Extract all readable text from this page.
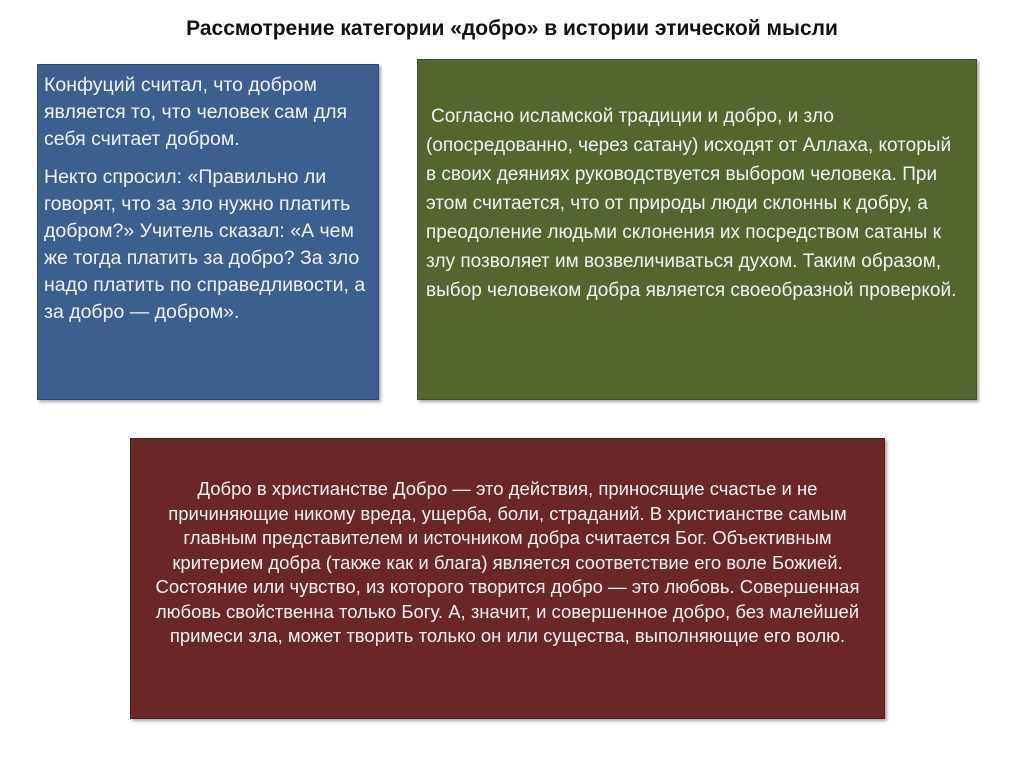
Рассмотрение категории «добро» в истории этической мысли

Конфуций считал, что добром является то, что человек сам для себя считает добром.

Некто спросил: «Правильно ли говорят, что за зло нужно платить добром?» Учитель сказал: «А чем же тогда платить за добро? За зло надо платить по справедливости, а за добро — добром».

Согласно исламской традиции и добро, и зло (опосредованно, через сатану) исходят от Аллаха, который в своих деяниях руководствуется выбором человека. При этом считается, что от природы люди склонны к добру, а преодоление людьми склонения их посредством сатаны к злу позволяет им возвеличиваться духом. Таким образом, выбор человеком добра является своеобразной проверкой.

Добро в христианстве Добро — это действия, приносящие счастье и не причиняющие никому вреда, ущерба, боли, страданий. В христианстве самым главным представителем и источником добра считается Бог. Объективным критерием добра (также как и блага) является соответствие его воле Божией. Состояние или чувство, из которого творится добро — это любовь. Совершенная любовь свойственна только Богу. А, значит, и совершенное добро, без малейшей примеси зла, может творить только он или существа, выполняющие его волю.
